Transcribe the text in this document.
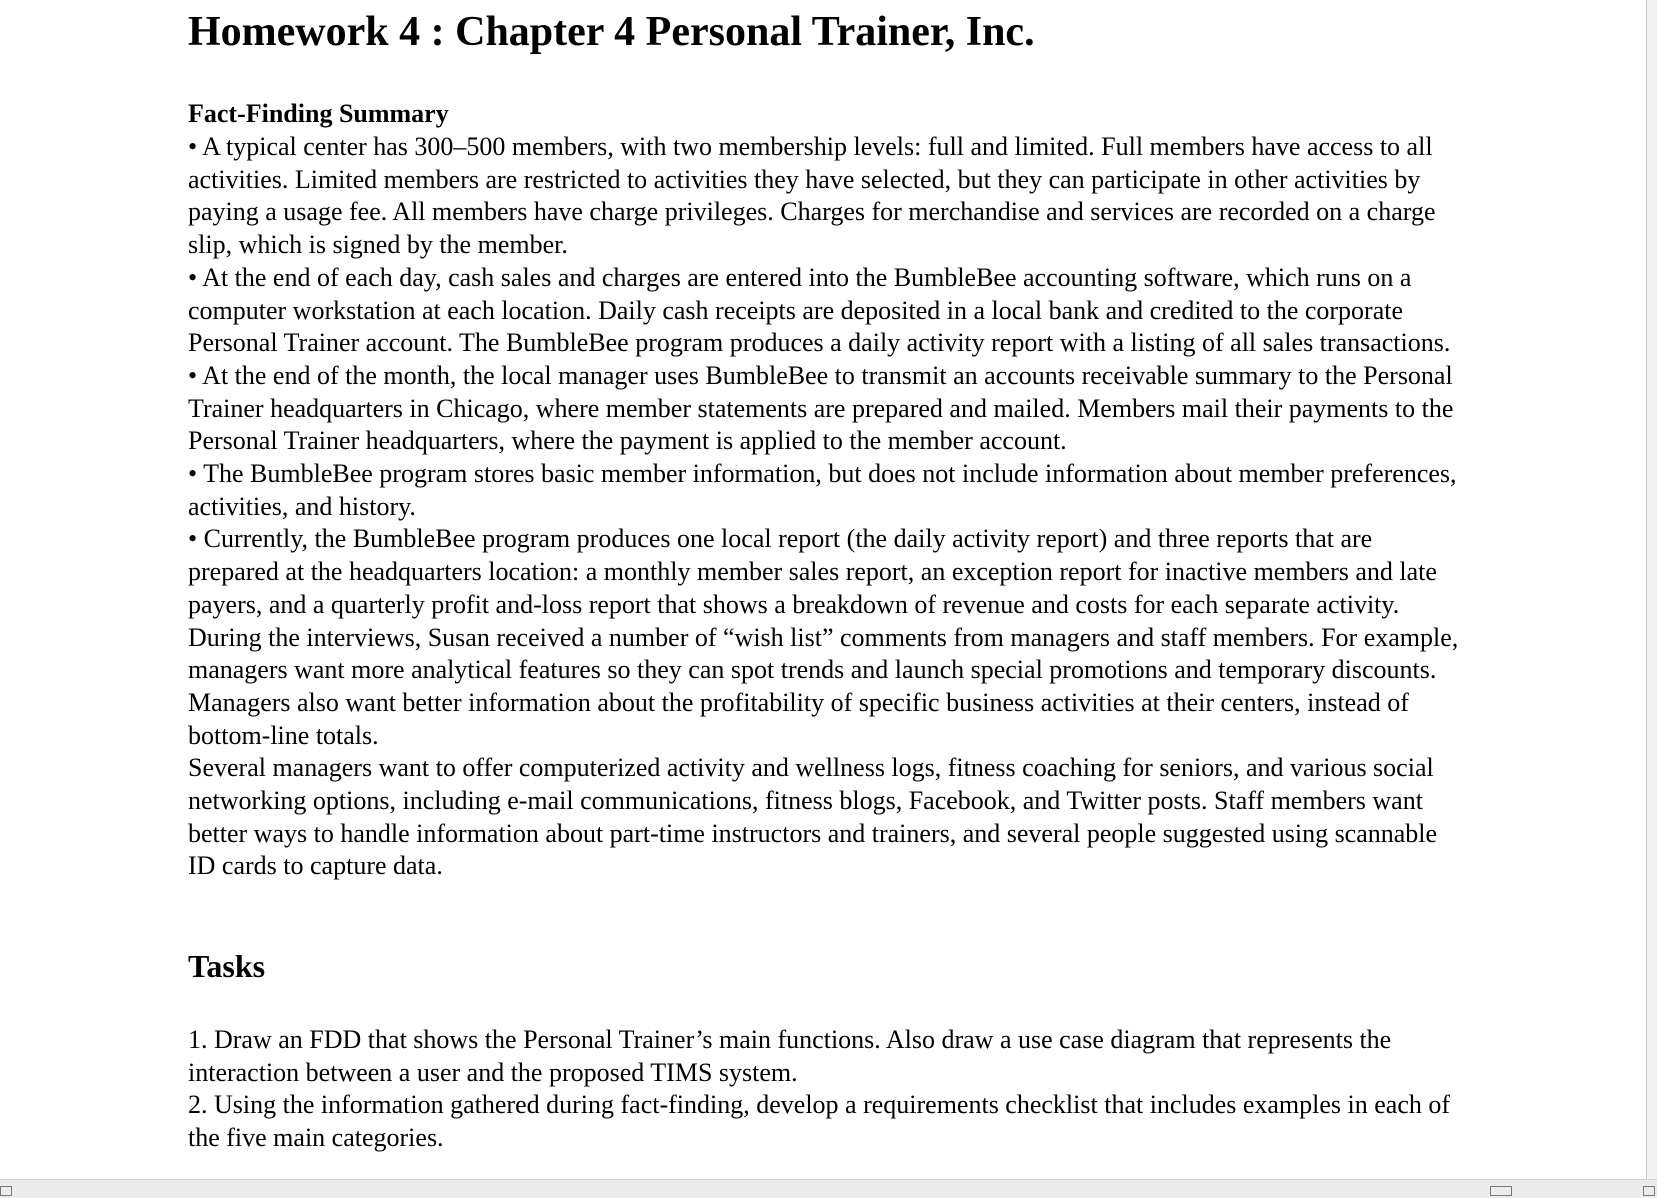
Homework 4 : Chapter 4 Personal Trainer, Inc.
Fact-Finding Summary

• A typical center has 300–500 members, with two membership levels: full and limited. Full members have access to all activities. Limited members are restricted to activities they have selected, but they can participate in other activities by paying a usage fee. All members have charge privileges. Charges for merchandise and services are recorded on a charge slip, which is signed by the member.

• At the end of each day, cash sales and charges are entered into the BumbleBee accounting software, which runs on a computer workstation at each location. Daily cash receipts are deposited in a local bank and credited to the corporate Personal Trainer account. The BumbleBee program produces a daily activity report with a listing of all sales transactions.

• At the end of the month, the local manager uses BumbleBee to transmit an accounts receivable summary to the Personal Trainer headquarters in Chicago, where member statements are prepared and mailed. Members mail their payments to the Personal Trainer headquarters, where the payment is applied to the member account.

• The BumbleBee program stores basic member information, but does not include information about member preferences, activities, and history.

• Currently, the BumbleBee program produces one local report (the daily activity report) and three reports that are prepared at the headquarters location: a monthly member sales report, an exception report for inactive members and late payers, and a quarterly profit and-loss report that shows a breakdown of revenue and costs for each separate activity.

During the interviews, Susan received a number of “wish list” comments from managers and staff members. For example, managers want more analytical features so they can spot trends and launch special promotions and temporary discounts. Managers also want better information about the profitability of specific business activities at their centers, instead of bottom-line totals.

Several managers want to offer computerized activity and wellness logs, fitness coaching for seniors, and various social networking options, including e-mail communications, fitness blogs, Facebook, and Twitter posts. Staff members want better ways to handle information about part-time instructors and trainers, and several people suggested using scannable ID cards to capture data.

Tasks

1. Draw an FDD that shows the Personal Trainer’s main functions. Also draw a use case diagram that represents the interaction between a user and the proposed TIMS system.

2. Using the information gathered during fact-finding, develop a requirements checklist that includes examples in each of the five main categories.
